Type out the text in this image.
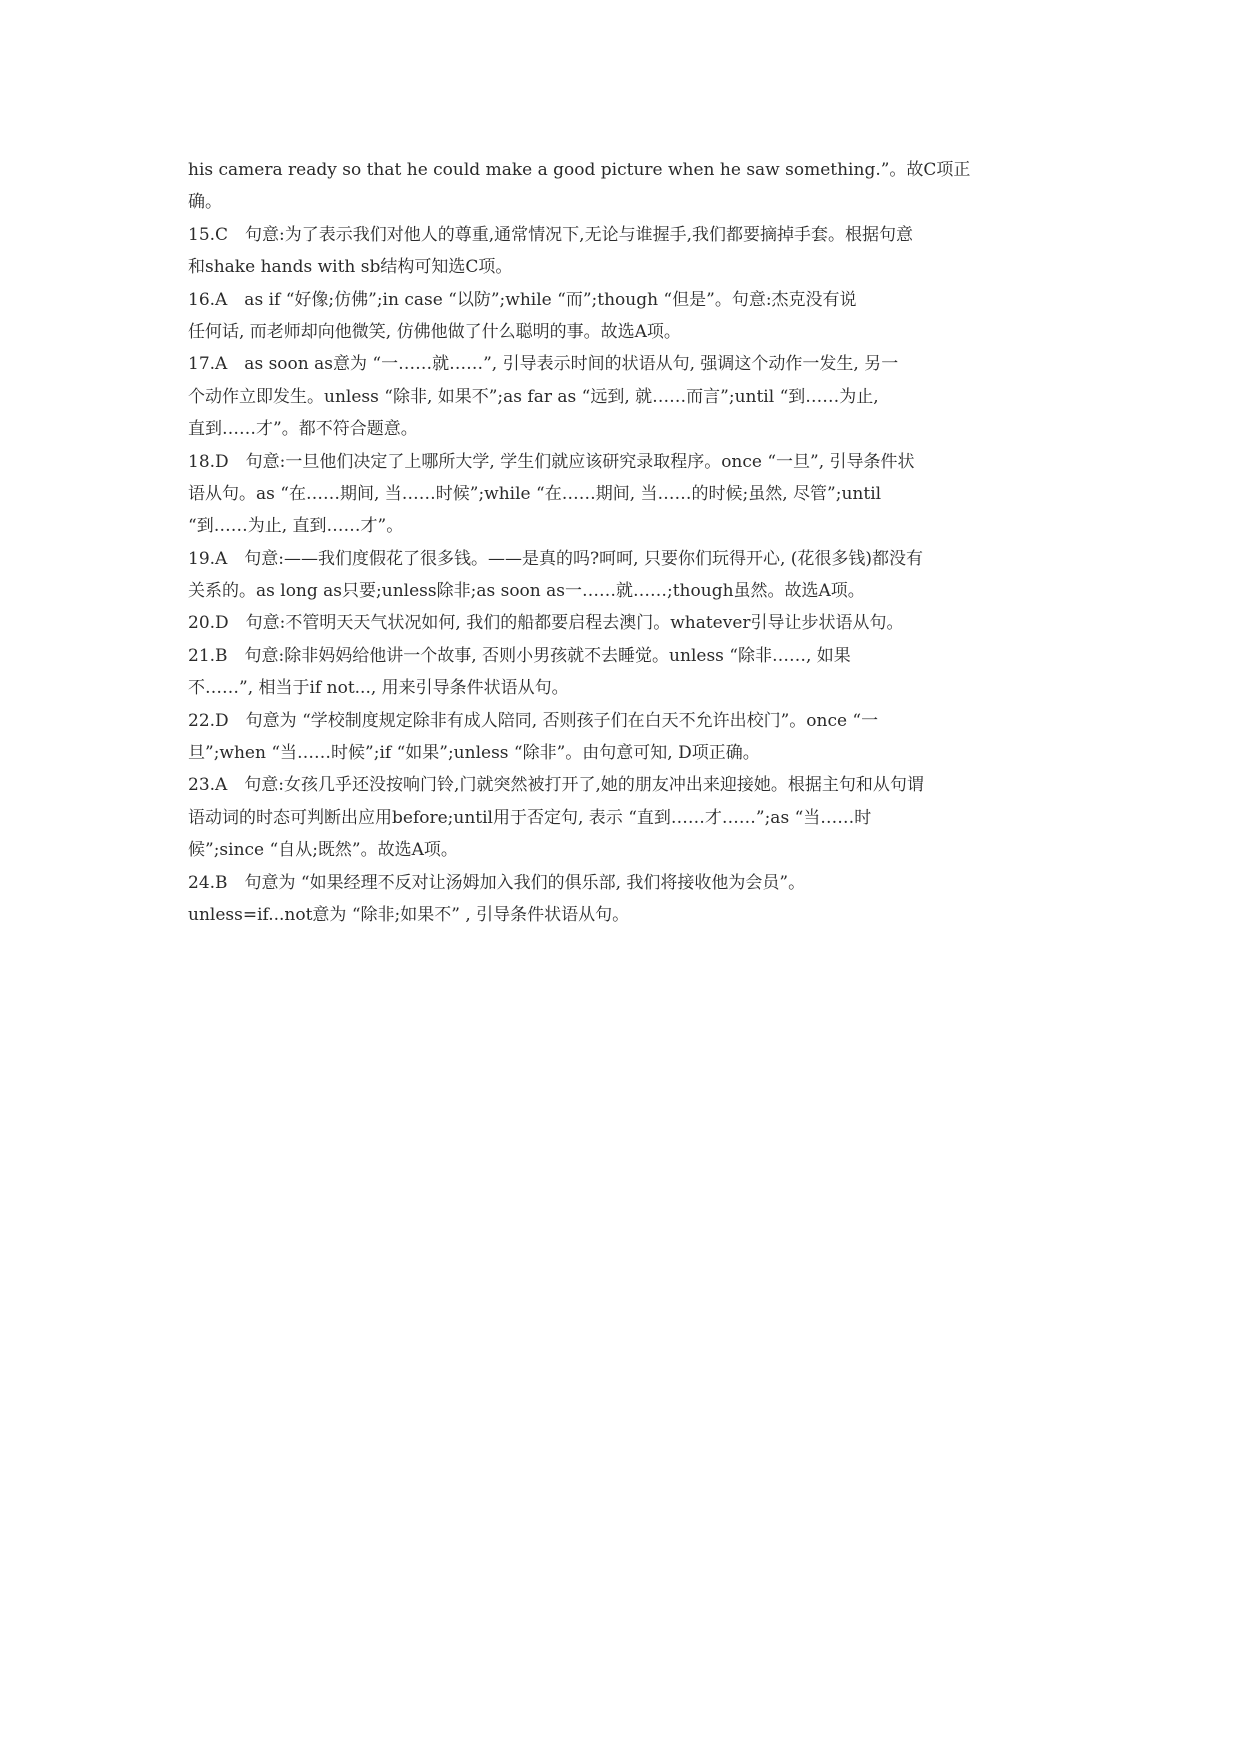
his camera ready so that he could make a good picture when he saw something.”。故C项正
确。
15.C　句意:为了表示我们对他人的尊重,通常情况下,无论与谁握手,我们都要摘掉手套。根据句意
和shake hands with sb结构可知选C项。
16.A　as if “好像;仿佛”;in case “以防”;while “而”;though “但是”。句意:杰克没有说
任何话, 而老师却向他微笑, 仿佛他做了什么聪明的事。故选A项。
17.A　as soon as意为 “一……就……”, 引导表示时间的状语从句, 强调这个动作一发生, 另一
个动作立即发生。unless “除非, 如果不”;as far as “远到, 就……而言”;until “到……为止,
直到……才”。都不符合题意。
18.D　句意:一旦他们决定了上哪所大学, 学生们就应该研究录取程序。once “一旦”, 引导条件状
语从句。as “在……期间, 当……时候”;while “在……期间, 当……的时候;虽然, 尽管”;until
“到……为止, 直到……才”。
19.A　句意:——我们度假花了很多钱。——是真的吗?呵呵, 只要你们玩得开心, (花很多钱)都没有
关系的。as long as只要;unless除非;as soon as一……就……;though虽然。故选A项。
20.D　句意:不管明天天气状况如何, 我们的船都要启程去澳门。whatever引导让步状语从句。
21.B　句意:除非妈妈给他讲一个故事, 否则小男孩就不去睡觉。unless “除非……, 如果
不……”, 相当于if not..., 用来引导条件状语从句。
22.D　句意为 “学校制度规定除非有成人陪同, 否则孩子们在白天不允许出校门”。once “一
旦”;when “当……时候”;if “如果”;unless “除非”。由句意可知, D项正确。
23.A　句意:女孩几乎还没按响门铃,门就突然被打开了,她的朋友冲出来迎接她。根据主句和从句谓
语动词的时态可判断出应用before;until用于否定句, 表示 “直到……才……”;as “当……时
候”;since “自从;既然”。故选A项。
24.B　句意为 “如果经理不反对让汤姆加入我们的俱乐部, 我们将接收他为会员”。
unless=if...not意为 “除非;如果不” , 引导条件状语从句。
